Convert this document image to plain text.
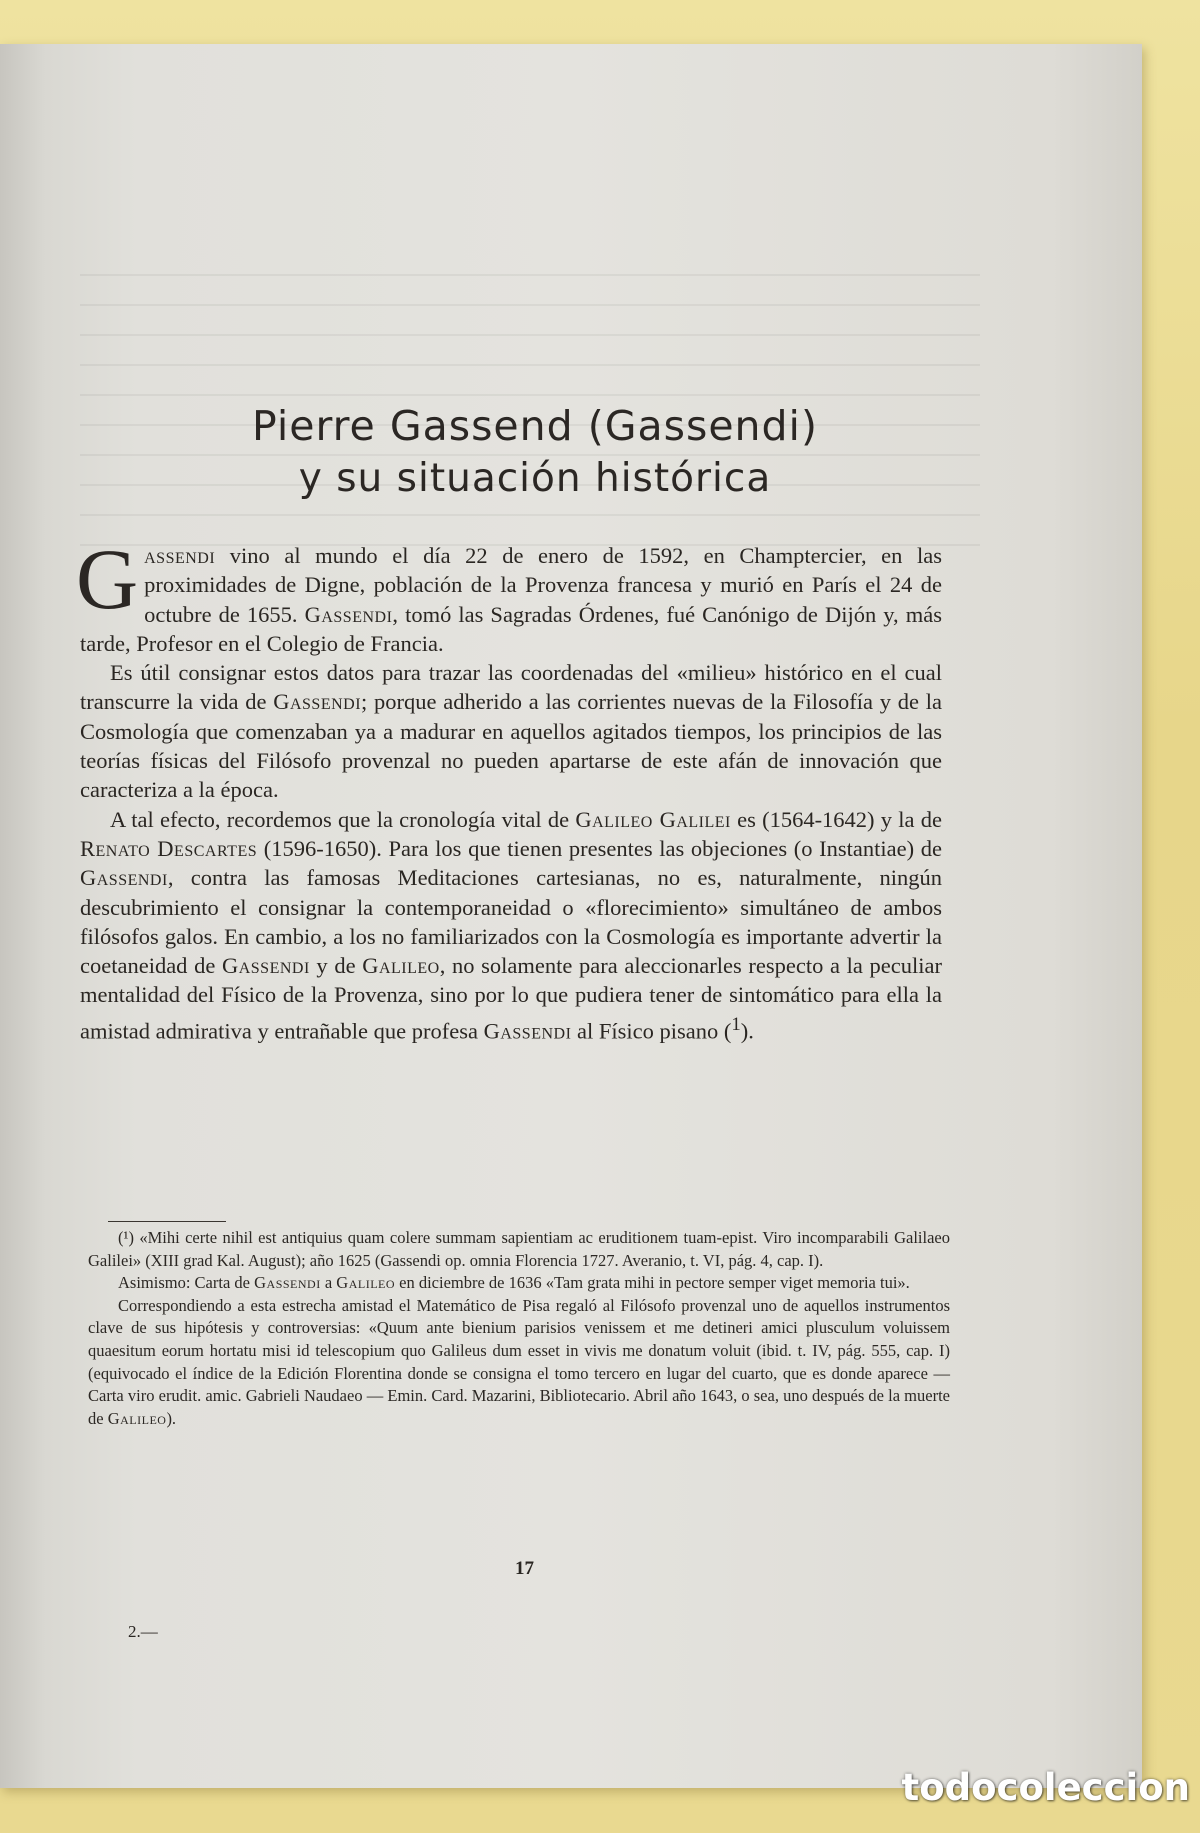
Pierre Gassend (Gassendi)
y su situación histórica

Gassendi vino al mundo el día 22 de enero de 1592, en Champtercier, en las proximidades de Digne, población de la Provenza francesa y murió en París el 24 de octubre de 1655. Gassendi, tomó las Sagradas Órdenes, fué Canónigo de Dijón y, más tarde, Profesor en el Colegio de Francia.

Es útil consignar estos datos para trazar las coordenadas del «milieu» histórico en el cual transcurre la vida de Gassendi; porque adherido a las corrientes nuevas de la Filosofía y de la Cosmología que comenzaban ya a madurar en aquellos agitados tiempos, los principios de las teorías físicas del Filósofo provenzal no pueden apartarse de este afán de innovación que caracteriza a la época.

A tal efecto, recordemos que la cronología vital de Galileo Galilei es (1564-1642) y la de Renato Descartes (1596-1650). Para los que tienen presentes las objeciones (o Instantiae) de Gassendi, contra las famosas Meditaciones cartesianas, no es, naturalmente, ningún descubrimiento el consignar la contemporaneidad o «florecimiento» simultáneo de ambos filósofos galos. En cambio, a los no familiarizados con la Cosmología es importante advertir la coetaneidad de Gassendi y de Galileo, no solamente para aleccionarles respecto a la peculiar mentalidad del Físico de la Provenza, sino por lo que pudiera tener de sintomático para ella la amistad admirativa y entrañable que profesa Gassendi al Físico pisano ($^1$).

(¹) «Mihi certe nihil est antiquius quam colere summam sapientiam ac eruditionem tuam-epist. Viro incomparabili Galilaeo Galilei» (XIII grad Kal. August); año 1625 (Gassendi op. omnia Florencia 1727. Averanio, t. VI, pág. 4, cap. I).

Asimismo: Carta de Gassendi a Galileo en diciembre de 1636 «Tam grata mihi in pectore semper viget memoria tui».

Correspondiendo a esta estrecha amistad el Matemático de Pisa regaló al Filósofo provenzal uno de aquellos instrumentos clave de sus hipótesis y controversias: «Quum ante bienium parisios venissem et me detineri amici plusculum voluissem quaesitum eorum hortatu misi id telescopium quo Galileus dum esset in vivis me donatum voluit (ibid. t. IV, pág. 555, cap. I) (equivocado el índice de la Edición Florentina donde se consigna el tomo tercero en lugar del cuarto, que es donde aparece — Carta viro erudit. amic. Gabrieli Naudaeo — Emin. Card. Mazarini, Bibliotecario. Abril año 1643, o sea, uno después de la muerte de Galileo).

17
2.—
todocoleccion
